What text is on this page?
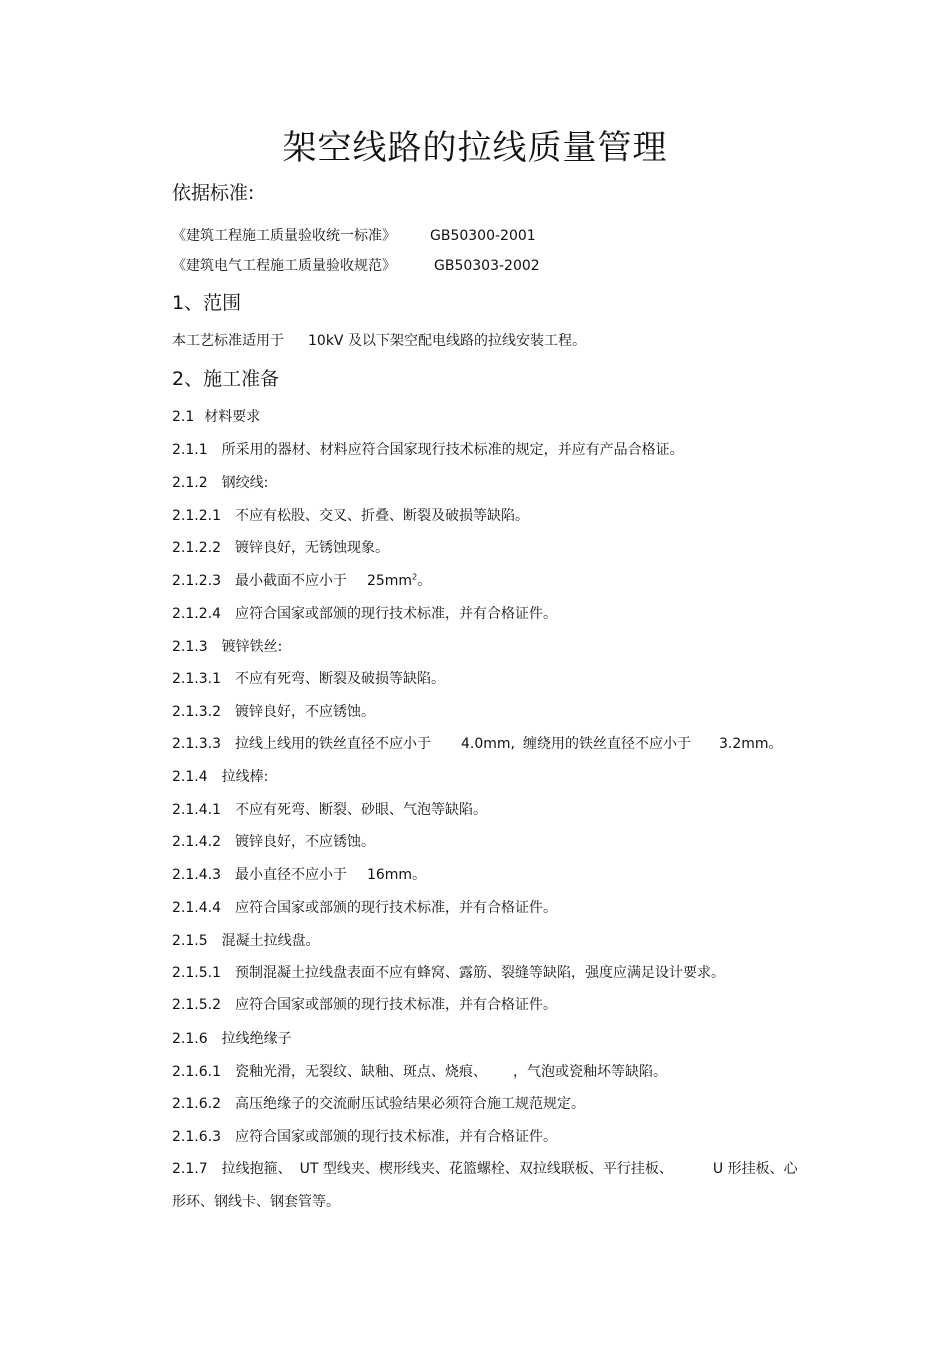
架空线路的拉线质量管理
依据标准:
《建筑工程施工质量验收统一标准》 GB50300-2001
《建筑电气工程施工质量验收规范》	GB50303-2002
1、范围
本工艺标准适用于 10kV 及以下架空配电线路的拉线安装工程。
2、施工准备
2.1 材料要求
2.1.1 所采用的器材、材料应符合国家现行技术标准的规定，并应有产品合格证。
2.1.2 钢绞线:
2.1.2.1 不应有松股、交叉、折叠、断裂及破损等缺陷。
2.1.2.2 镀锌良好，无锈蚀现象。
2.1.2.3 最小截面不应小于 $25mm^2$。
2.1.2.4 应符合国家或部颁的现行技术标准，并有合格证件。
2.1.3 镀锌铁丝:
2.1.3.1 不应有死弯、断裂及破损等缺陷。
2.1.3.2 镀锌良好，不应锈蚀。
2.1.3.3 拉线上线用的铁丝直径不应小于 4.0mm, 缠绕用的铁丝直径不应小于 3.2mm。
2.1.4 拉线棒:
2.1.4.1 不应有死弯、断裂、砂眼、气泡等缺陷。
2.1.4.2 镀锌良好，不应锈蚀。
2.1.4.3 最小直径不应小于 16mm。
2.1.4.4 应符合国家或部颁的现行技术标准，并有合格证件。
2.1.5 混凝土拉线盘。
2.1.5.1 预制混凝土拉线盘表面不应有蜂窝、露筋、裂缝等缺陷，强度应满足设计要求。
2.1.5.2 应符合国家或部颁的现行技术标准，并有合格证件。
2.1.6 拉线绝缘子
2.1.6.1 瓷釉光滑，无裂纹、缺釉、斑点、烧痕、 ，气泡或瓷釉坏等缺陷。
2.1.6.2 高压绝缘子的交流耐压试验结果必须符合施工规范规定。
2.1.6.3 应符合国家或部颁的现行技术标准，并有合格证件。
2.1.7 拉线抱箍、 UT 型线夹、楔形线夹、花篮螺栓、双拉线联板、平行挂板、	U 形挂板、心
形环、钢线卡、钢套管等。
